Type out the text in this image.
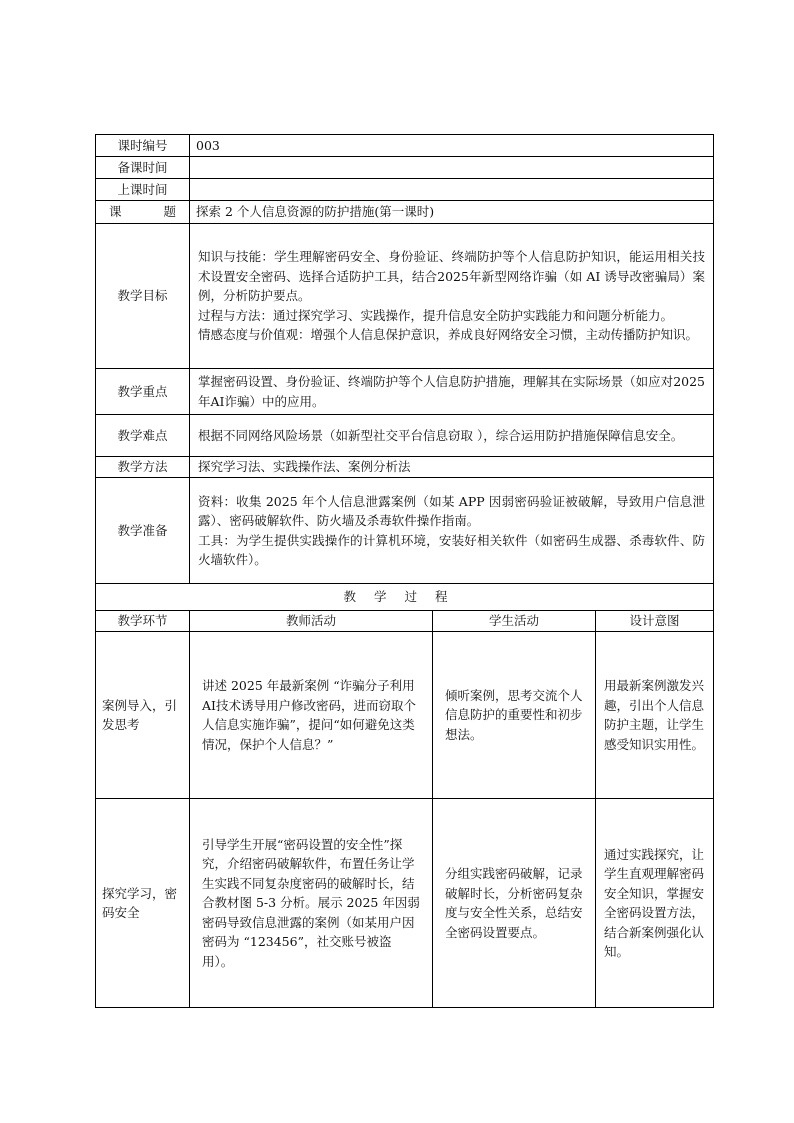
课时编号	003		
备课时间			
上课时间			
课 题	探索 2 个人信息资源的防护措施(第一课时)		
教学目标	知识与技能：学生理解密码安全、身份验证、终端防护等个人信息防护知识，能运用相关技术设置安全密码、选择合适防护工具，结合2025年新型网络诈骗（如 AI 诱导改密骗局）案例，分析防护要点。
过程与方法：通过探究学习、实践操作，提升信息安全防护实践能力和问题分析能力。
情感态度与价值观：增强个人信息保护意识，养成良好网络安全习惯，主动传播防护知识。		

教学重点	掌握密码设置、身份验证、终端防护等个人信息防护措施，理解其在实际场景（如应对2025年AI诈骗）中的应用。		
教学难点	根据不同网络风险场景（如新型社交平台信息窃取 ），综合运用防护措施保障信息安全。		
教学方法	探究学习法、实践操作法、案例分析法		
教学准备	资料：收集 2025 年个人信息泄露案例（如某 APP 因弱密码验证被破解，导致用户信息泄露）、密码破解软件、防火墙及杀毒软件操作指南。
工具：为学生提供实践操作的计算机环境，安装好相关软件（如密码生成器、杀毒软件、防火墙软件）。		

教学过程			
教学环节	教师活动	学生活动	设计意图
案例导入，引发思考	讲述 2025 年最新案例 “诈骗分子利用AI技术诱导用户修改密码，进而窃取个人信息实施诈骗”，提问“如何避免这类情况，保护个人信息？”	倾听案例，思考交流个人信息防护的重要性和初步想法。	用最新案例激发兴趣，引出个人信息防护主题，让学生感受知识实用性。
探究学习，密码安全	引导学生开展“密码设置的安全性”探究，介绍密码破解软件，布置任务让学生实践不同复杂度密码的破解时长，结合教材图 5-3 分析。展示 2025 年因弱密码导致信息泄露的案例（如某用户因密码为 “123456”，社交账号被盗用）。	分组实践密码破解，记录破解时长，分析密码复杂度与安全性关系，总结安全密码设置要点。	通过实践探究，让学生直观理解密码安全知识，掌握安全密码设置方法，结合新案例强化认知。
